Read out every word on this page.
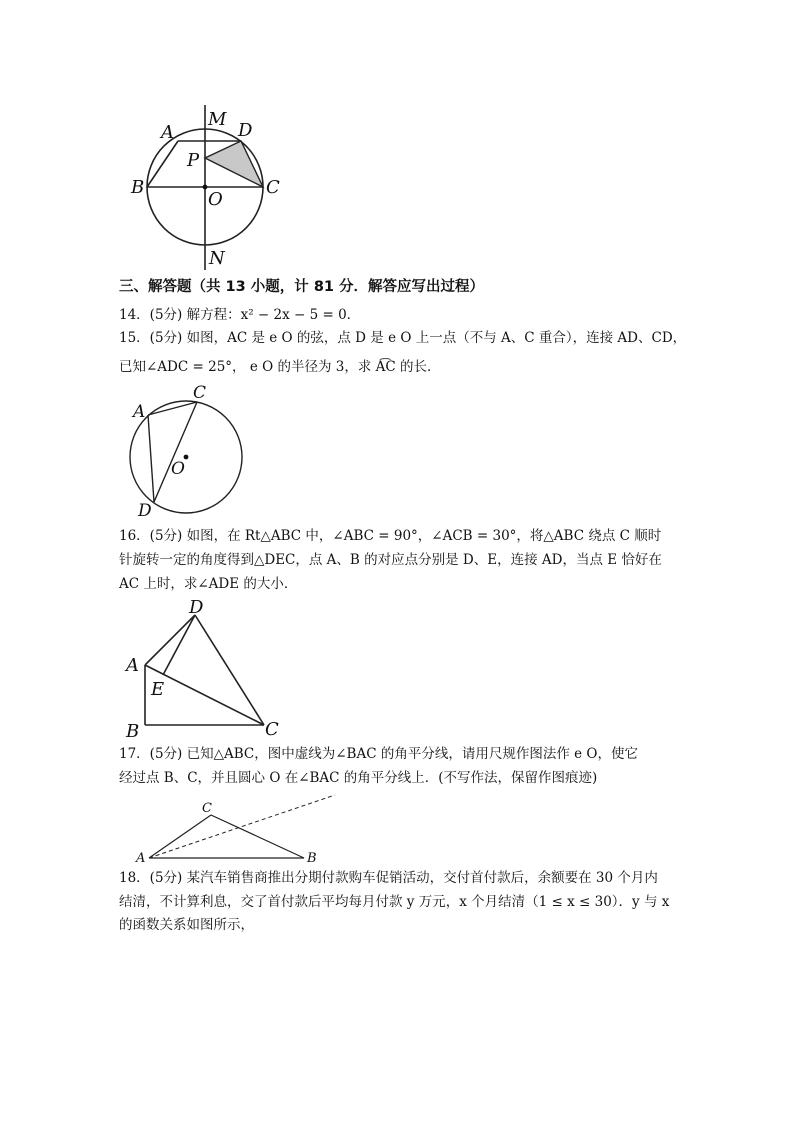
A
M
D
P
B
O
C
N
三、解答题（共 13 小题，计 81 分．解答应写出过程）
14．(5分) 解方程：x² − 2x − 5 = 0．
15．(5分) 如图，AC 是 e O 的弦，点 D 是 e O 上一点（不与 A、C 重合），连接 AD、CD，
已知∠ADC = 25°， e O 的半径为 3，求 A͡C 的长．
A
C
O
D
16．(5分) 如图，在 Rt△ABC 中，∠ABC = 90°，∠ACB = 30°，将△ABC 绕点 C 顺时
针旋转一定的角度得到△DEC，点 A、B 的对应点分别是 D、E，连接 AD，当点 E 恰好在
AC 上时，求∠ADE 的大小．
D
A
E
B	C
17．(5分) 已知△ABC，图中虚线为∠BAC 的角平分线，请用尺规作图法作 e O，使它
经过点 B、C，并且圆心 O 在∠BAC 的角平分线上．(不写作法，保留作图痕迹)
C
A	B
18．(5分) 某汽车销售商推出分期付款购车促销活动，交付首付款后，余额要在 30 个月内
结清，不计算利息，交了首付款后平均每月付款 y 万元，x 个月结清（1 ≤ x ≤ 30）．y 与 x
的函数关系如图所示，
